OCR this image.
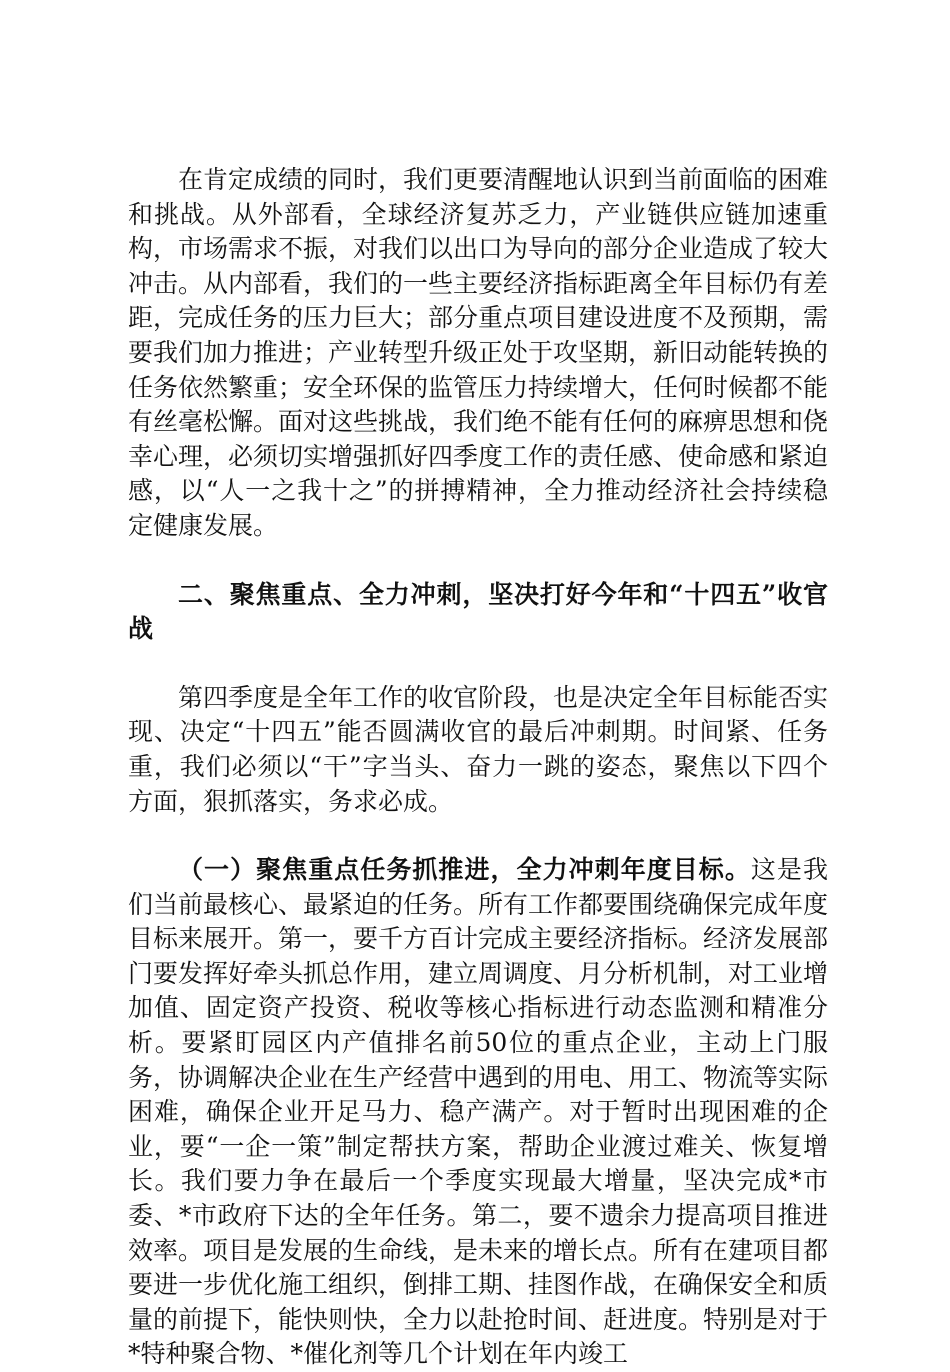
在肯定成绩的同时，我们更要清醒地认识到当前面临的困难和挑战。从外部看，全球经济复苏乏力，产业链供应链加速重构，市场需求不振，对我们以出口为导向的部分企业造成了较大冲击。从内部看，我们的一些主要经济指标距离全年目标仍有差距，完成任务的压力巨大；部分重点项目建设进度不及预期，需要我们加力推进；产业转型升级正处于攻坚期，新旧动能转换的任务依然繁重；安全环保的监管压力持续增大，任何时候都不能有丝毫松懈。面对这些挑战，我们绝不能有任何的麻痹思想和侥幸心理，必须切实增强抓好四季度工作的责任感、使命感和紧迫感，以“人一之我十之”的拼搏精神，全力推动经济社会持续稳定健康发展。

二、聚焦重点、全力冲刺，坚决打好今年和“十四五”收官战

第四季度是全年工作的收官阶段，也是决定全年目标能否实现、决定“十四五”能否圆满收官的最后冲刺期。时间紧、任务重，我们必须以“干”字当头、奋力一跳的姿态，聚焦以下四个方面，狠抓落实，务求必成。

（一）聚焦重点任务抓推进，全力冲刺年度目标。这是我们当前最核心、最紧迫的任务。所有工作都要围绕确保完成年度目标来展开。第一，要千方百计完成主要经济指标。经济发展部门要发挥好牵头抓总作用，建立周调度、月分析机制，对工业增加值、固定资产投资、税收等核心指标进行动态监测和精准分析。要紧盯园区内产值排名前50位的重点企业，主动上门服务，协调解决企业在生产经营中遇到的用电、用工、物流等实际困难，确保企业开足马力、稳产满产。对于暂时出现困难的企业，要“一企一策”制定帮扶方案，帮助企业渡过难关、恢复增长。我们要力争在最后一个季度实现最大增量，坚决完成*市委、*市政府下达的全年任务。第二，要不遗余力提高项目推进效率。项目是发展的生命线，是未来的增长点。所有在建项目都要进一步优化施工组织，倒排工期、挂图作战，在确保安全和质量的前提下，能快则快，全力以赴抢时间、赶进度。特别是对于*特种聚合物、*催化剂等几个计划在年内竣工
